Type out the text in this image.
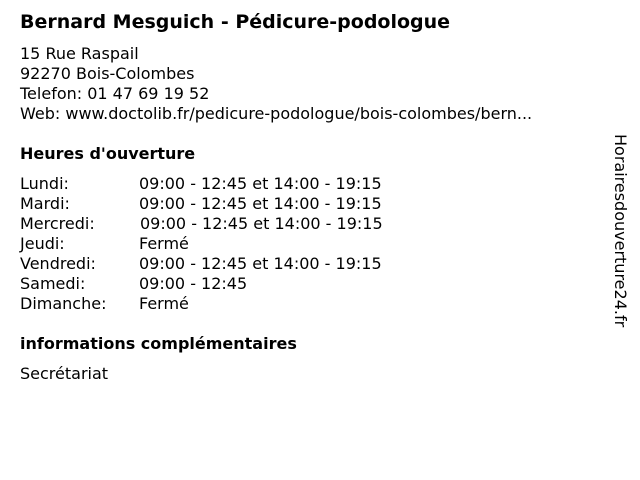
Bernard Mesguich - Pédicure-podologue
15 Rue Raspail
92270 Bois-Colombes
Telefon: 01 47 69 19 52
Web: www.doctolib.fr/pedicure-podologue/bois-colombes/bern...
Heures d'ouverture
Lundi:	09:00 - 12:45 et 14:00 - 19:15
Mardi:	09:00 - 12:45 et 14:00 - 19:15
Mercredi:	09:00 - 12:45 et 14:00 - 19:15
Jeudi:	Fermé
Vendredi:	09:00 - 12:45 et 14:00 - 19:15
Samedi:	09:00 - 12:45
Dimanche: Fermé
informations complémentaires
Secrétariat
Horairesdouverture24.fr
